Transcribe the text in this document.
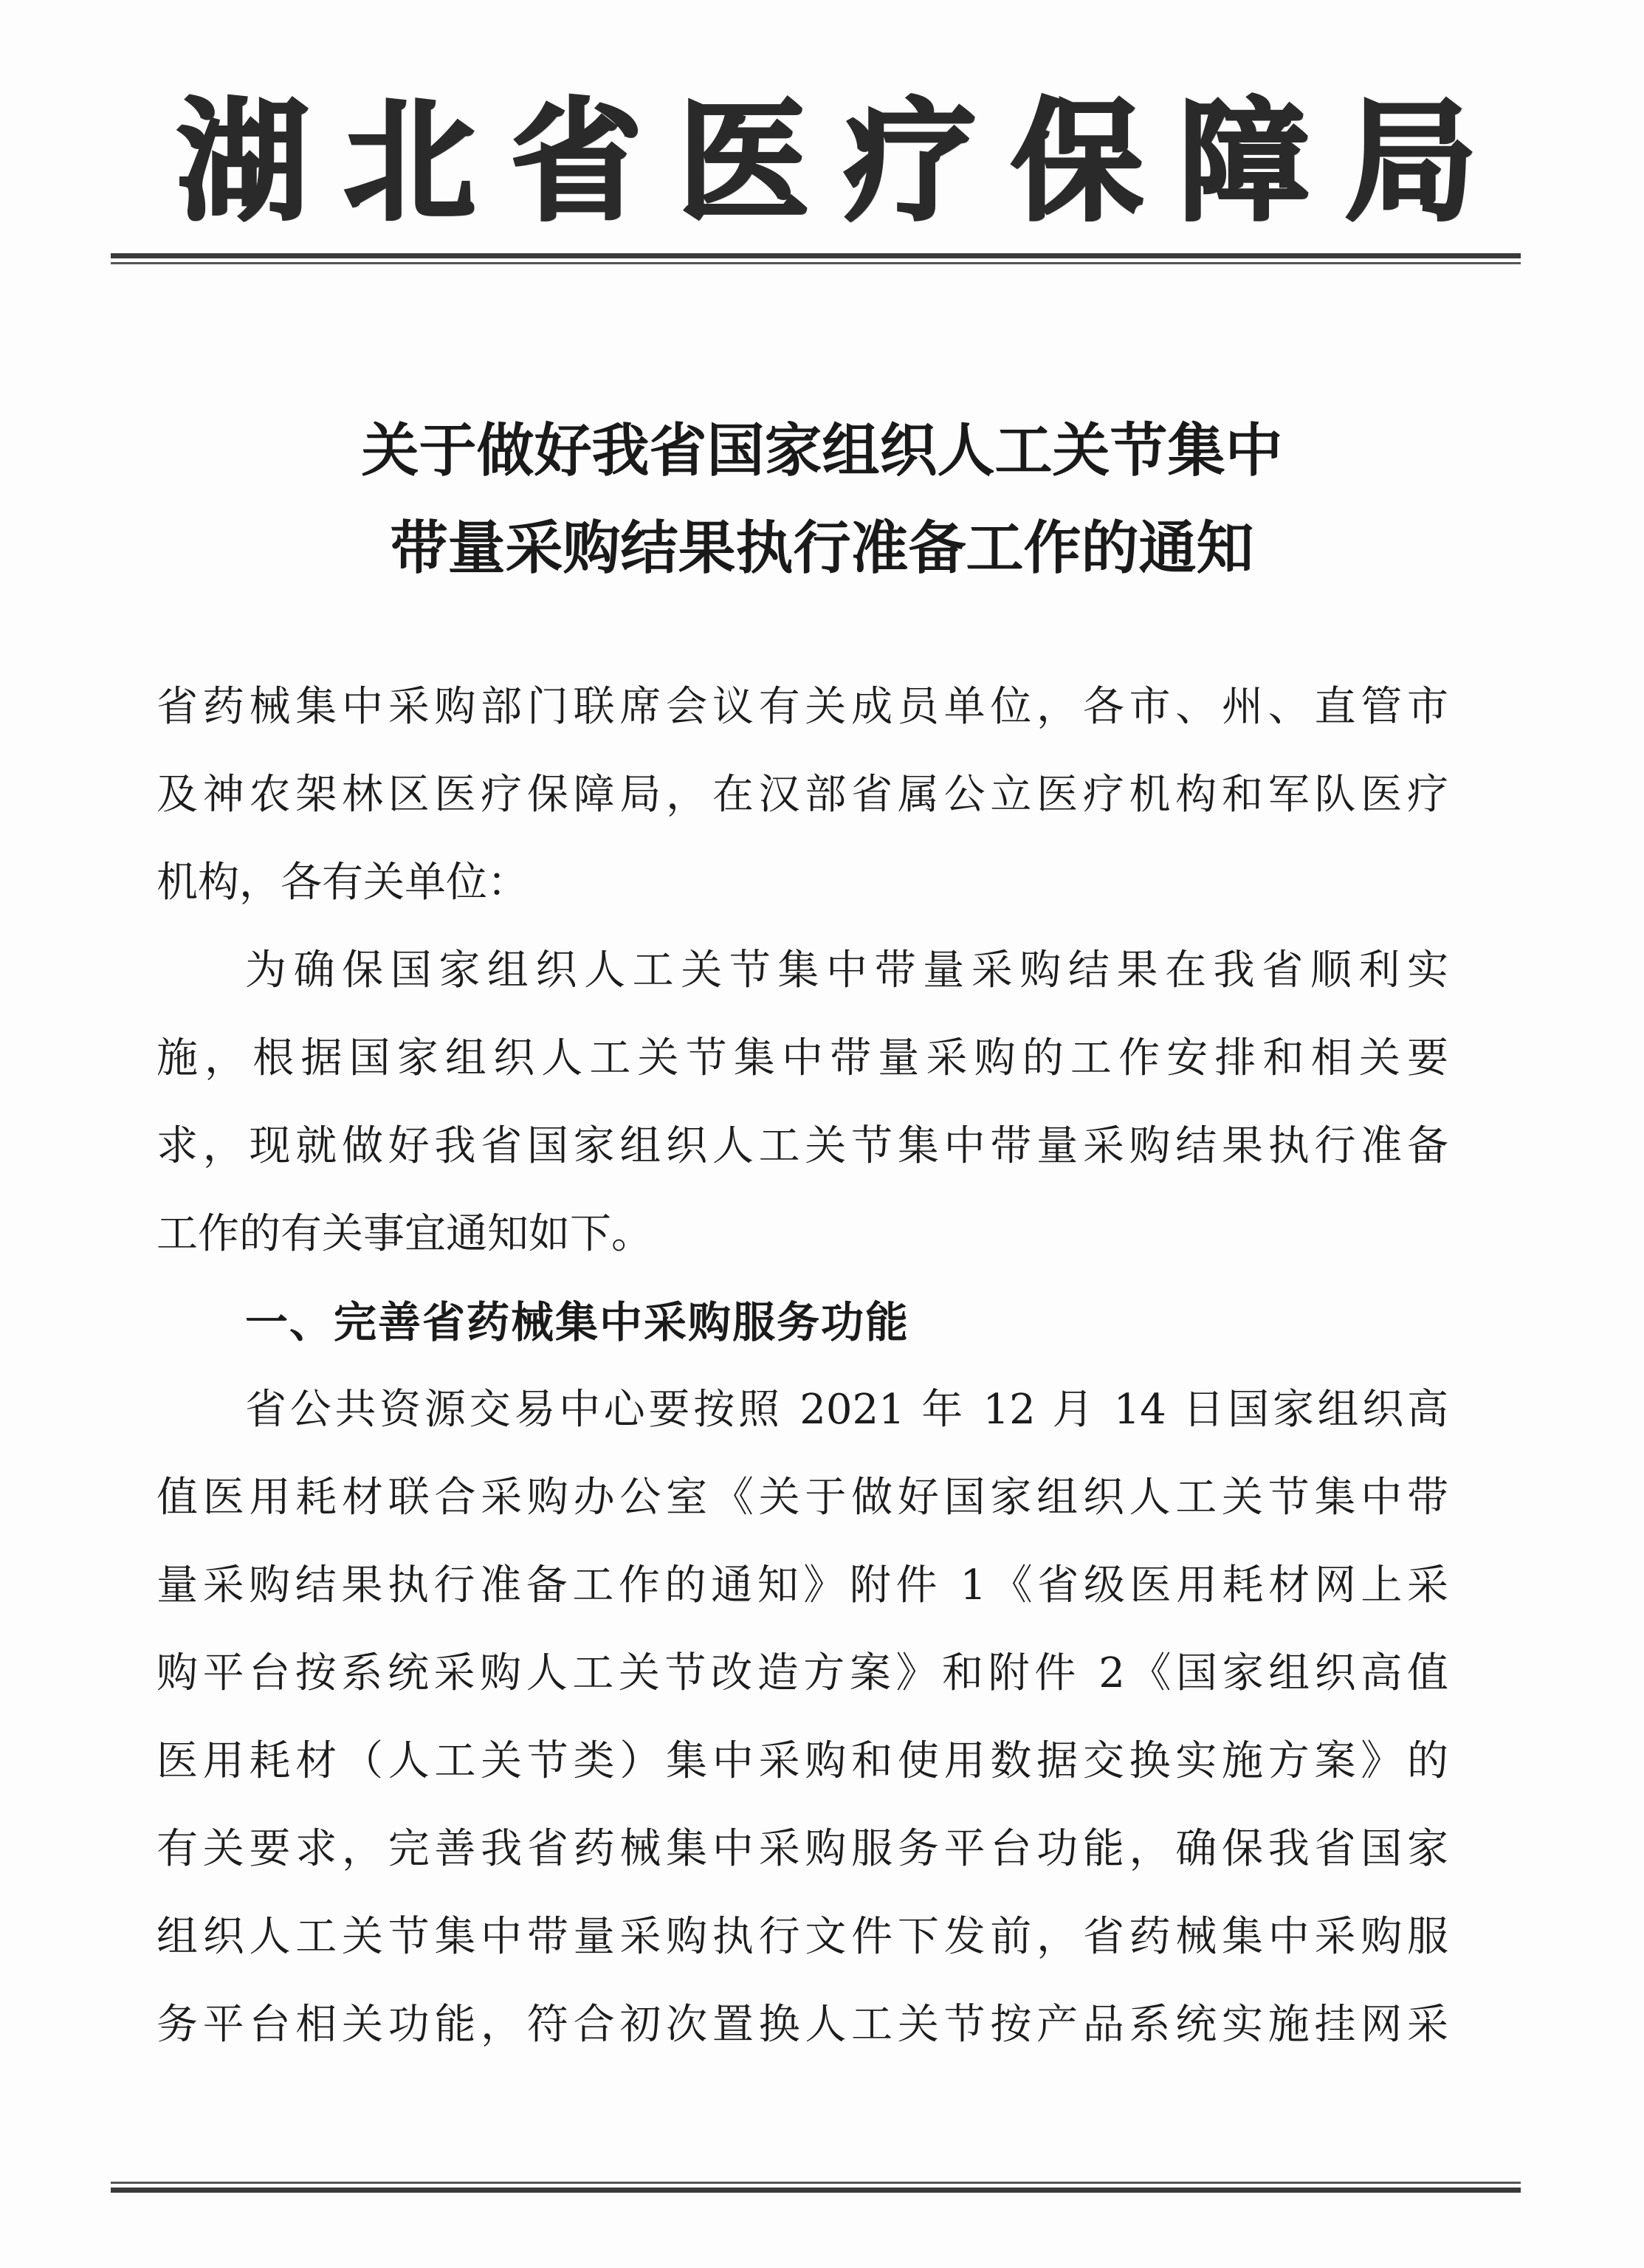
湖 北 省 医 疗 保 障 局
关于做好我省国家组织人工关节集中
带量采购结果执行准备工作的通知
省药械集中采购部门联席会议有关成员单位，各市、州、直管市
及神农架林区医疗保障局，在汉部省属公立医疗机构和军队医疗
机构，各有关单位：
为确保国家组织人工关节集中带量采购结果在我省顺利实
施，根据国家组织人工关节集中带量采购的工作安排和相关要
求，现就做好我省国家组织人工关节集中带量采购结果执行准备
工作的有关事宜通知如下。
一、完善省药械集中采购服务功能
省公共资源交易中心要按照 2021 年 12 月 14 日国家组织高
值医用耗材联合采购办公室《关于做好国家组织人工关节集中带
量采购结果执行准备工作的通知》附件 1《省级医用耗材网上采
购平台按系统采购人工关节改造方案》和附件 2《国家组织高值
医用耗材（人工关节类）集中采购和使用数据交换实施方案》的
有关要求，完善我省药械集中采购服务平台功能，确保我省国家
组织人工关节集中带量采购执行文件下发前，省药械集中采购服
务平台相关功能，符合初次置换人工关节按产品系统实施挂网采
